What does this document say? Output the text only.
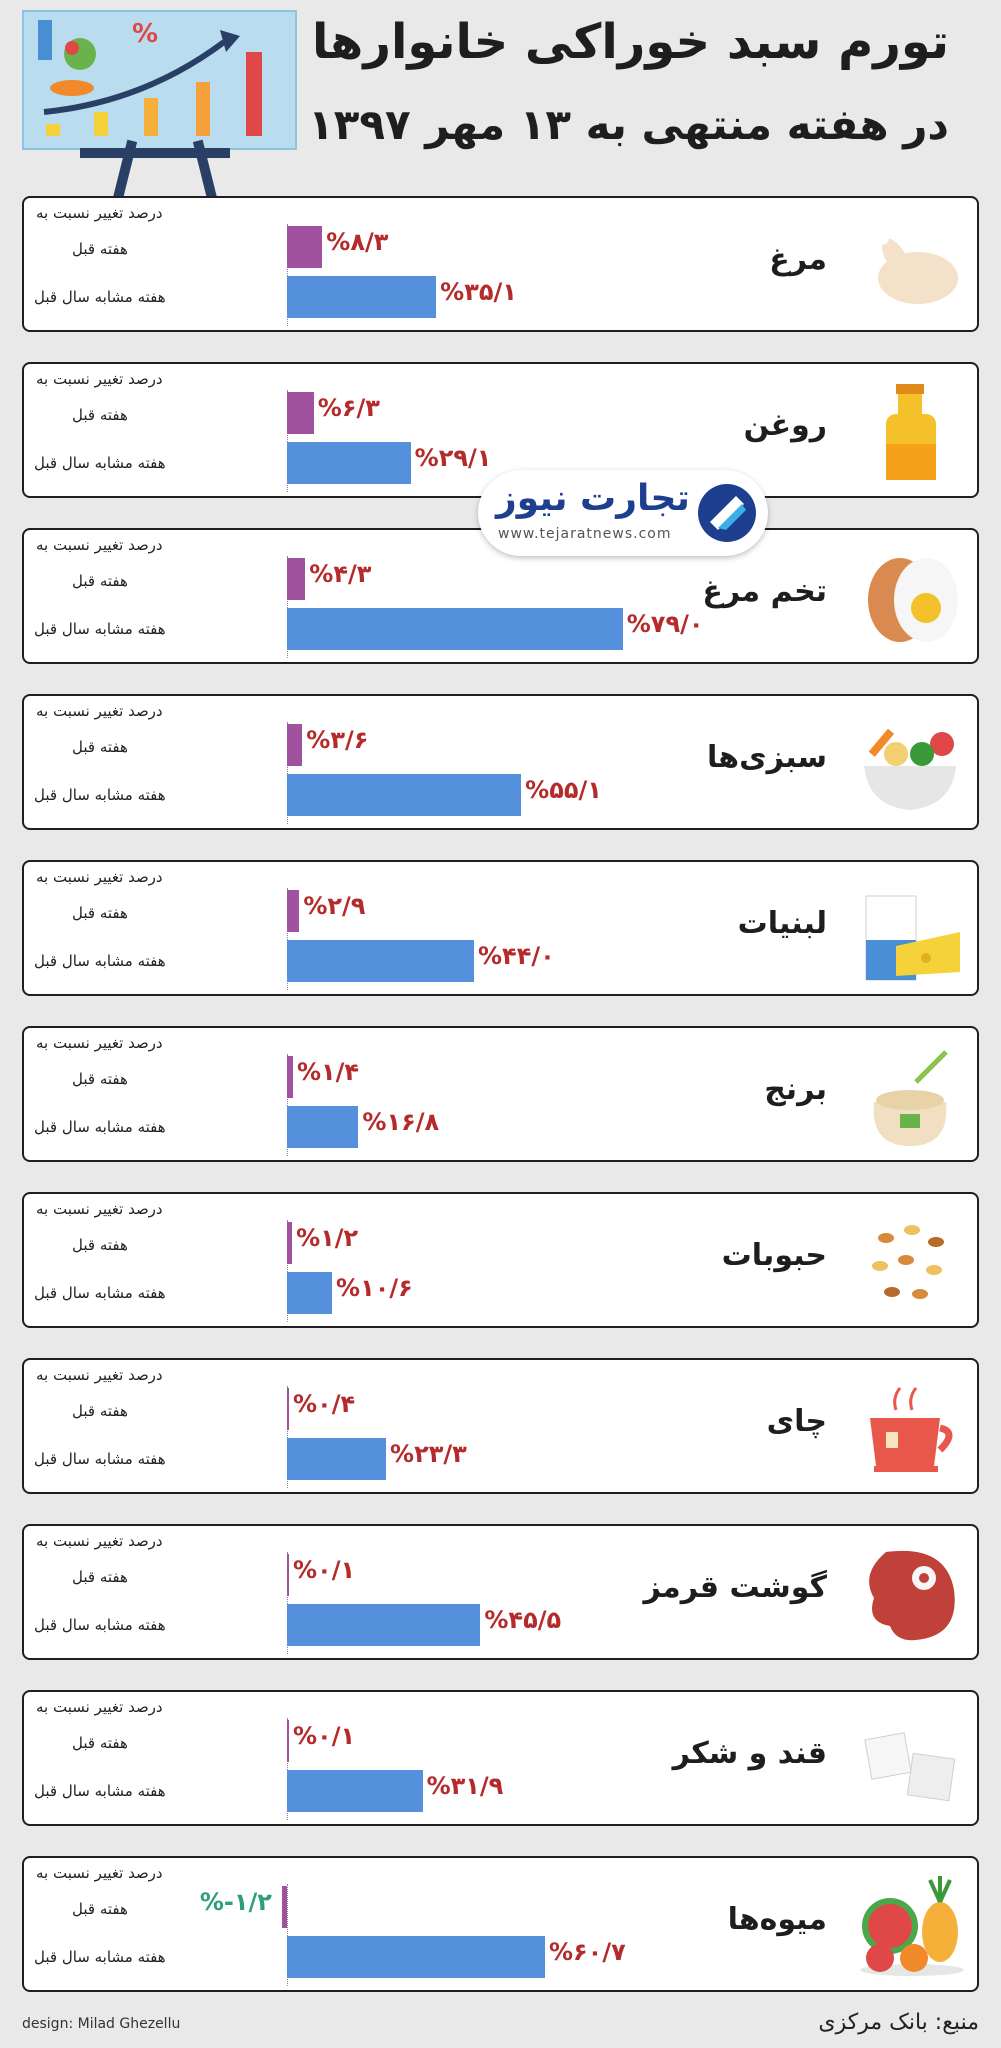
%	تورم سبد خوراکی خانوارها
در هفته منتهی به ۱۳ مهر ۱۳۹۷
درصد تغییر نسبت به
هفته قبل
هفته مشابه سال قبل
%۸/۳
%۳۵/۱
مرغ
درصد تغییر نسبت به
هفته قبل
هفته مشابه سال قبل
%۶/۳
%۲۹/۱
روغن
درصد تغییر نسبت به
هفته قبل
هفته مشابه سال قبل
%۴/۳
%۷۹/۰
تخم مرغ
درصد تغییر نسبت به
هفته قبل
هفته مشابه سال قبل
%۳/۶
%۵۵/۱
سبزی‌ها
درصد تغییر نسبت به
هفته قبل
هفته مشابه سال قبل
%۲/۹
%۴۴/۰
لبنیات
درصد تغییر نسبت به
هفته قبل
هفته مشابه سال قبل
%۱/۴
%۱۶/۸
برنج
درصد تغییر نسبت به
هفته قبل
هفته مشابه سال قبل
%۱/۲
%۱۰/۶
حبوبات
درصد تغییر نسبت به
هفته قبل
هفته مشابه سال قبل
%۰/۴
%۲۳/۳
چای
درصد تغییر نسبت به
هفته قبل
هفته مشابه سال قبل
%۰/۱
%۴۵/۵
گوشت قرمز
درصد تغییر نسبت به
هفته قبل
هفته مشابه سال قبل
%۰/۱
%۳۱/۹
قند و شکر
درصد تغییر نسبت به
هفته قبل
هفته مشابه سال قبل
%-۱/۲
%۶۰/۷
میوه‌ها
تجارت نیوز
www.tejaratnews.com
design: Milad Ghezellu	منبع: بانک مرکزی
